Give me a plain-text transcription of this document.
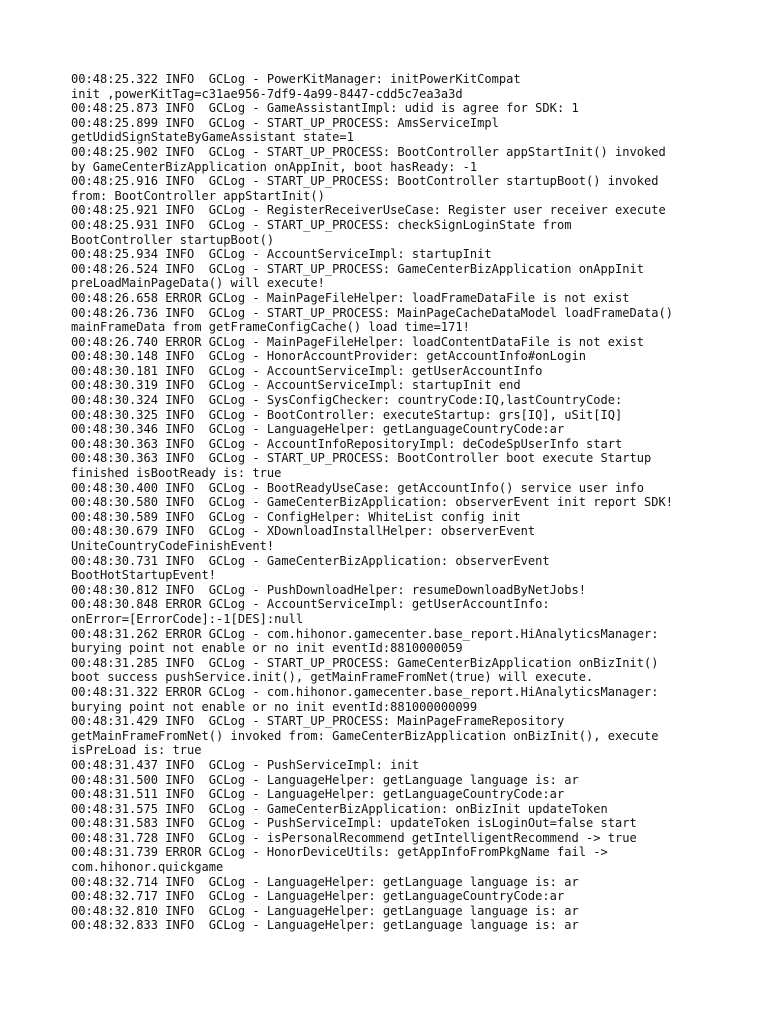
00:48:25.322 INFO  GCLog - PowerKitManager: initPowerKitCompat
init ,powerKitTag=c31ae956-7df9-4a99-8447-cdd5c7ea3a3d
00:48:25.873 INFO  GCLog - GameAssistantImpl: udid is agree for SDK: 1
00:48:25.899 INFO  GCLog - START_UP_PROCESS: AmsServiceImpl
getUdidSignStateByGameAssistant state=1
00:48:25.902 INFO  GCLog - START_UP_PROCESS: BootController appStartInit() invoked
by GameCenterBizApplication onAppInit, boot hasReady: -1
00:48:25.916 INFO  GCLog - START_UP_PROCESS: BootController startupBoot() invoked
from: BootController appStartInit()
00:48:25.921 INFO  GCLog - RegisterReceiverUseCase: Register user receiver execute
00:48:25.931 INFO  GCLog - START_UP_PROCESS: checkSignLoginState from
BootController startupBoot()
00:48:25.934 INFO  GCLog - AccountServiceImpl: startupInit
00:48:26.524 INFO  GCLog - START_UP_PROCESS: GameCenterBizApplication onAppInit
preLoadMainPageData() will execute!
00:48:26.658 ERROR GCLog - MainPageFileHelper: loadFrameDataFile is not exist
00:48:26.736 INFO  GCLog - START_UP_PROCESS: MainPageCacheDataModel loadFrameData()
mainFrameData from getFrameConfigCache() load time=171!
00:48:26.740 ERROR GCLog - MainPageFileHelper: loadContentDataFile is not exist
00:48:30.148 INFO  GCLog - HonorAccountProvider: getAccountInfo#onLogin
00:48:30.181 INFO  GCLog - AccountServiceImpl: getUserAccountInfo
00:48:30.319 INFO  GCLog - AccountServiceImpl: startupInit end
00:48:30.324 INFO  GCLog - SysConfigChecker: countryCode:IQ,lastCountryCode:
00:48:30.325 INFO  GCLog - BootController: executeStartup: grs[IQ], uSit[IQ]
00:48:30.346 INFO  GCLog - LanguageHelper: getLanguageCountryCode:ar
00:48:30.363 INFO  GCLog - AccountInfoRepositoryImpl: deCodeSpUserInfo start
00:48:30.363 INFO  GCLog - START_UP_PROCESS: BootController boot execute Startup
finished isBootReady is: true
00:48:30.400 INFO  GCLog - BootReadyUseCase: getAccountInfo() service user info
00:48:30.580 INFO  GCLog - GameCenterBizApplication: observerEvent init report SDK!
00:48:30.589 INFO  GCLog - ConfigHelper: WhiteList config init
00:48:30.679 INFO  GCLog - XDownloadInstallHelper: observerEvent
UniteCountryCodeFinishEvent!
00:48:30.731 INFO  GCLog - GameCenterBizApplication: observerEvent
BootHotStartupEvent!
00:48:30.812 INFO  GCLog - PushDownloadHelper: resumeDownloadByNetJobs!
00:48:30.848 ERROR GCLog - AccountServiceImpl: getUserAccountInfo:
onError=[ErrorCode]:-1[DES]:null
00:48:31.262 ERROR GCLog - com.hihonor.gamecenter.base_report.HiAnalyticsManager:
burying point not enable or no init eventId:8810000059
00:48:31.285 INFO  GCLog - START_UP_PROCESS: GameCenterBizApplication onBizInit()
boot success pushService.init(), getMainFrameFromNet(true) will execute.
00:48:31.322 ERROR GCLog - com.hihonor.gamecenter.base_report.HiAnalyticsManager:
burying point not enable or no init eventId:881000000099
00:48:31.429 INFO  GCLog - START_UP_PROCESS: MainPageFrameRepository
getMainFrameFromNet() invoked from: GameCenterBizApplication onBizInit(), execute
isPreLoad is: true
00:48:31.437 INFO  GCLog - PushServiceImpl: init
00:48:31.500 INFO  GCLog - LanguageHelper: getLanguage language is: ar
00:48:31.511 INFO  GCLog - LanguageHelper: getLanguageCountryCode:ar
00:48:31.575 INFO  GCLog - GameCenterBizApplication: onBizInit updateToken
00:48:31.583 INFO  GCLog - PushServiceImpl: updateToken isLoginOut=false start
00:48:31.728 INFO  GCLog - isPersonalRecommend getIntelligentRecommend -> true
00:48:31.739 ERROR GCLog - HonorDeviceUtils: getAppInfoFromPkgName fail ->
com.hihonor.quickgame
00:48:32.714 INFO  GCLog - LanguageHelper: getLanguage language is: ar
00:48:32.717 INFO  GCLog - LanguageHelper: getLanguageCountryCode:ar
00:48:32.810 INFO  GCLog - LanguageHelper: getLanguage language is: ar
00:48:32.833 INFO  GCLog - LanguageHelper: getLanguage language is: ar
